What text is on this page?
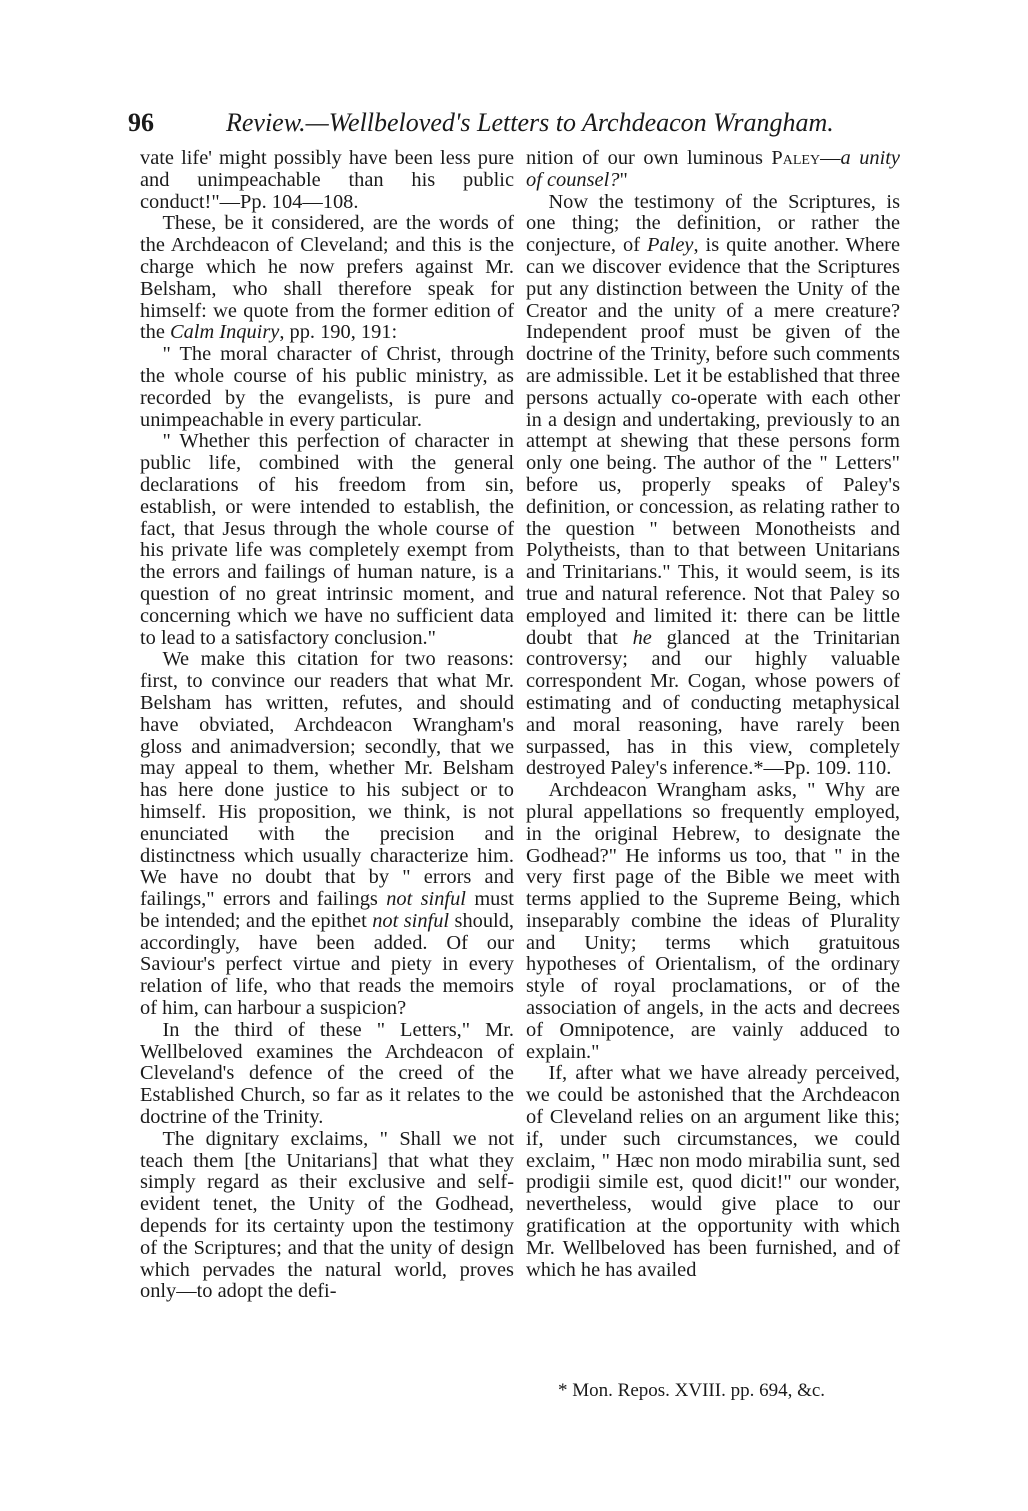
96	Review.—Wellbeloved's Letters to Archdeacon Wrangham.

vate life' might possibly have been less pure and unimpeachable than his public conduct!"—Pp. 104—108.

These, be it considered, are the words of the Archdeacon of Cleveland; and this is the charge which he now prefers against Mr. Belsham, who shall therefore speak for himself: we quote from the former edition of the Calm Inquiry, pp. 190, 191:

" The moral character of Christ, through the whole course of his public ministry, as recorded by the evangelists, is pure and unimpeachable in every particular.

" Whether this perfection of character in public life, combined with the general declarations of his freedom from sin, establish, or were intended to establish, the fact, that Jesus through the whole course of his private life was completely exempt from the errors and failings of human nature, is a question of no great intrinsic moment, and concerning which we have no sufficient data to lead to a satisfactory conclusion."

We make this citation for two reasons: first, to convince our readers that what Mr. Belsham has written, refutes, and should have obviated, Archdeacon Wrangham's gloss and animadversion; secondly, that we may appeal to them, whether Mr. Belsham has here done justice to his subject or to himself. His proposition, we think, is not enunciated with the precision and distinctness which usually characterize him. We have no doubt that by " errors and failings," errors and failings not sinful must be intended; and the epithet not sinful should, accordingly, have been added. Of our Saviour's perfect virtue and piety in every relation of life, who that reads the memoirs of him, can harbour a suspicion?

In the third of these " Letters," Mr. Wellbeloved examines the Archdeacon of Cleveland's defence of the creed of the Established Church, so far as it relates to the doctrine of the Trinity.

The dignitary exclaims, " Shall we not teach them [the Unitarians] that what they simply regard as their exclusive and self-evident tenet, the Unity of the Godhead, depends for its certainty upon the testimony of the Scriptures; and that the unity of design which pervades the natural world, proves only—to adopt the defi-

nition of our own luminous Paley—a unity of counsel?"

Now the testimony of the Scriptures, is one thing; the definition, or rather the conjecture, of Paley, is quite another. Where can we discover evidence that the Scriptures put any distinction between the Unity of the Creator and the unity of a mere creature? Independent proof must be given of the doctrine of the Trinity, before such comments are admissible. Let it be established that three persons actually co-operate with each other in a design and undertaking, previously to an attempt at shewing that these persons form only one being. The author of the " Letters" before us, properly speaks of Paley's definition, or concession, as relating rather to the question " between Monotheists and Polytheists, than to that between Unitarians and Trinitarians." This, it would seem, is its true and natural reference. Not that Paley so employed and limited it: there can be little doubt that he glanced at the Trinitarian controversy; and our highly valuable correspondent Mr. Cogan, whose powers of estimating and of conducting metaphysical and moral reasoning, have rarely been surpassed, has in this view, completely destroyed Paley's inference.*—Pp. 109. 110.

Archdeacon Wrangham asks, " Why are plural appellations so frequently employed, in the original Hebrew, to designate the Godhead?" He informs us too, that " in the very first page of the Bible we meet with terms applied to the Supreme Being, which inseparably combine the ideas of Plurality and Unity; terms which gratuitous hypotheses of Orientalism, of the ordinary style of royal proclamations, or of the association of angels, in the acts and decrees of Omnipotence, are vainly adduced to explain."

If, after what we have already perceived, we could be astonished that the Archdeacon of Cleveland relies on an argument like this; if, under such circumstances, we could exclaim, " Hæc non modo mirabilia sunt, sed prodigii simile est, quod dicit!" our wonder, nevertheless, would give place to our gratification at the opportunity with which Mr. Wellbeloved has been furnished, and of which he has availed

* Mon. Repos. XVIII. pp. 694, &c.
